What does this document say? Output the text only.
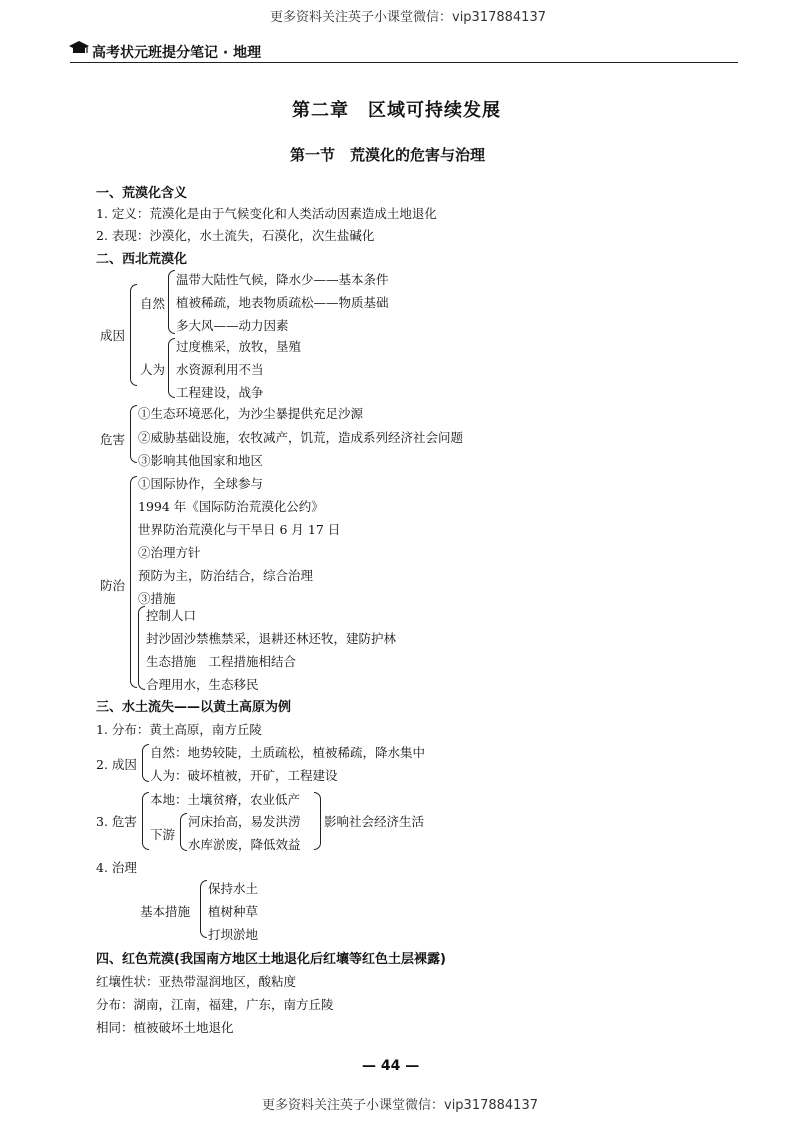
更多资料关注英子小课堂微信：vip317884137
高考状元班提分笔记 · 地理
第二章　区域可持续发展
第一节　荒漠化的危害与治理
一、荒漠化含义
1. 定义：荒漠化是由于气候变化和人类活动因素造成土地退化
2. 表现：沙漠化，水土流失，石漠化，次生盐碱化
二、西北荒漠化
成因
自然
温带大陆性气候，降水少——基本条件
植被稀疏，地表物质疏松——物质基础
多大风——动力因素
人为
过度樵采，放牧，垦殖
水资源利用不当
工程建设，战争
危害
①生态环境恶化，为沙尘暴提供充足沙源
②威胁基础设施，农牧减产，饥荒，造成系列经济社会问题
③影响其他国家和地区
防治
①国际协作，全球参与
1994 年《国际防治荒漠化公约》
世界防治荒漠化与干旱日 6 月 17 日
②治理方针
预防为主，防治结合，综合治理
③措施
控制人口
封沙固沙禁樵禁采，退耕还林还牧，建防护林
生态措施　工程措施相结合
合理用水，生态移民
三、水土流失——以黄土高原为例
1. 分布：黄土高原，南方丘陵
2. 成因
自然：地势较陡，土质疏松，植被稀疏，降水集中
人为：破坏植被，开矿，工程建设
3. 危害
本地：土壤贫瘠，农业低产
下游
河床抬高，易发洪涝
水库淤废，降低效益
影响社会经济生活
4. 治理
基本措施
保持水土
植树种草
打坝淤地
四、红色荒漠(我国南方地区土地退化后红壤等红色土层裸露)
红壤性状：亚热带湿润地区，酸粘度
分布：湖南，江南，福建，广东，南方丘陵
相同：植被破坏土地退化
— 44 —
更多资料关注英子小课堂微信：vip317884137
